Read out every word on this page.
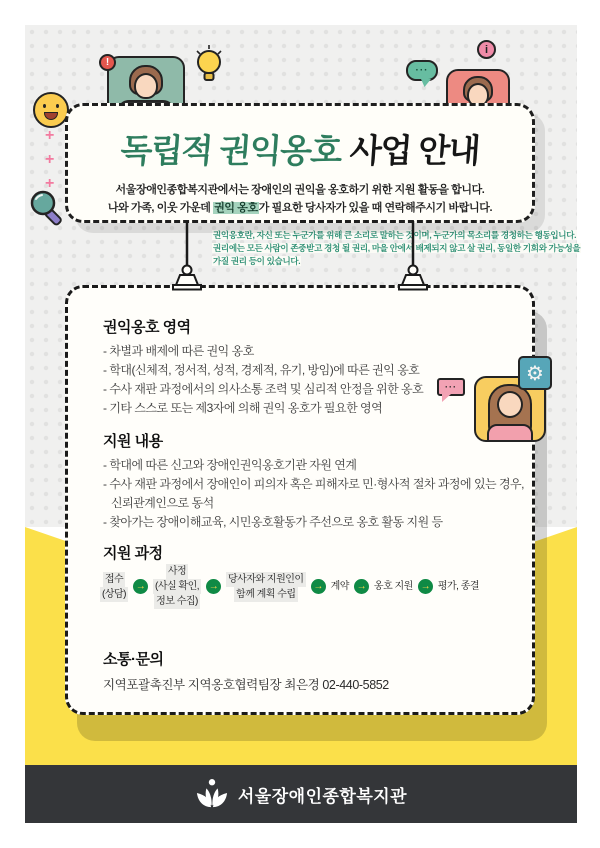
+
+
+
!
···
i
독립적 권익옹호 사업 안내
서울장애인종합복지관에서는 장애인의 권익을 옹호하기 위한 지원 활동을 합니다.
나와 가족, 이웃 가운데 권익 옹호가 필요한 당사자가 있을 때 연락해주시기 바랍니다.
권익옹호란, 자신 또는 누군가를 위해 큰 소리로 말하는 것이며, 누군가의 목소리를 경청하는 행동입니다.
권리에는 모든 사람이 존중받고 경청 될 권리, 마을 안에서 배제되지 않고 살 권리, 동일한 기회와 가능성을
가질 권리 등이 있습니다.
권익옹호 영역
- 차별과 배제에 따른 권익 옹호
- 학대(신체적, 정서적, 성적, 경제적, 유기, 방임)에 따른 권익 옹호
- 수사 재판 과정에서의 의사소통 조력 및 심리적 안정을 위한 옹호
- 기타 스스로 또는 제3자에 의해 권익 옹호가 필요한 영역
지원 내용
- 학대에 따른 신고와 장애인권익옹호기관 자원 연계
- 수사 재판 과정에서 장애인이 피의자 혹은 피해자로 민·형사적 절차 과정에 있는 경우,
신뢰관계인으로 동석
- 찾아가는 장애이해교육, 시민옹호활동가 주선으로 옹호 활동 지원 등
지원 과정
접수
(상담)
→
사정
(사실 확인,
정보 수집)
→
당사자와 지원인이
함께 계획 수립
→ 계약 → 옹호 지원 → 평가, 종결
소통·문의
지역포괄촉진부 지역옹호협력팀장 최은경 02-440-5852
···
⚙
서울장애인종합복지관
